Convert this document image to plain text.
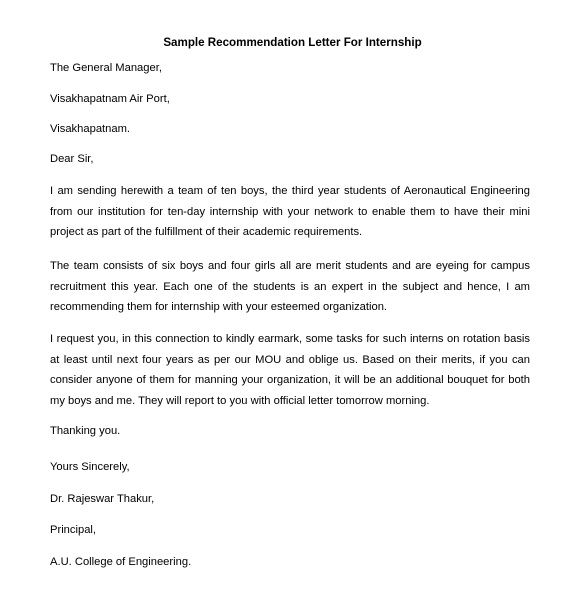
Sample Recommendation Letter For Internship
The General Manager,
Visakhapatnam Air Port,
Visakhapatnam.
Dear Sir,
I am sending herewith a team of ten boys, the third year students of Aeronautical Engineering from our institution for ten-day internship with your network to enable them to have their mini project as part of the fulfillment of their academic requirements.
The team consists of six boys and four girls all are merit students and are eyeing for campus recruitment this year. Each one of the students is an expert in the subject and hence, I am recommending them for internship with your esteemed organization.
I request you, in this connection to kindly earmark, some tasks for such interns on rotation basis at least until next four years as per our MOU and oblige us. Based on their merits, if you can consider anyone of them for manning your organization, it will be an additional bouquet for both my boys and me. They will report to you with official letter tomorrow morning.
Thanking you.
Yours Sincerely,
Dr. Rajeswar Thakur,
Principal,
A.U. College of Engineering.
